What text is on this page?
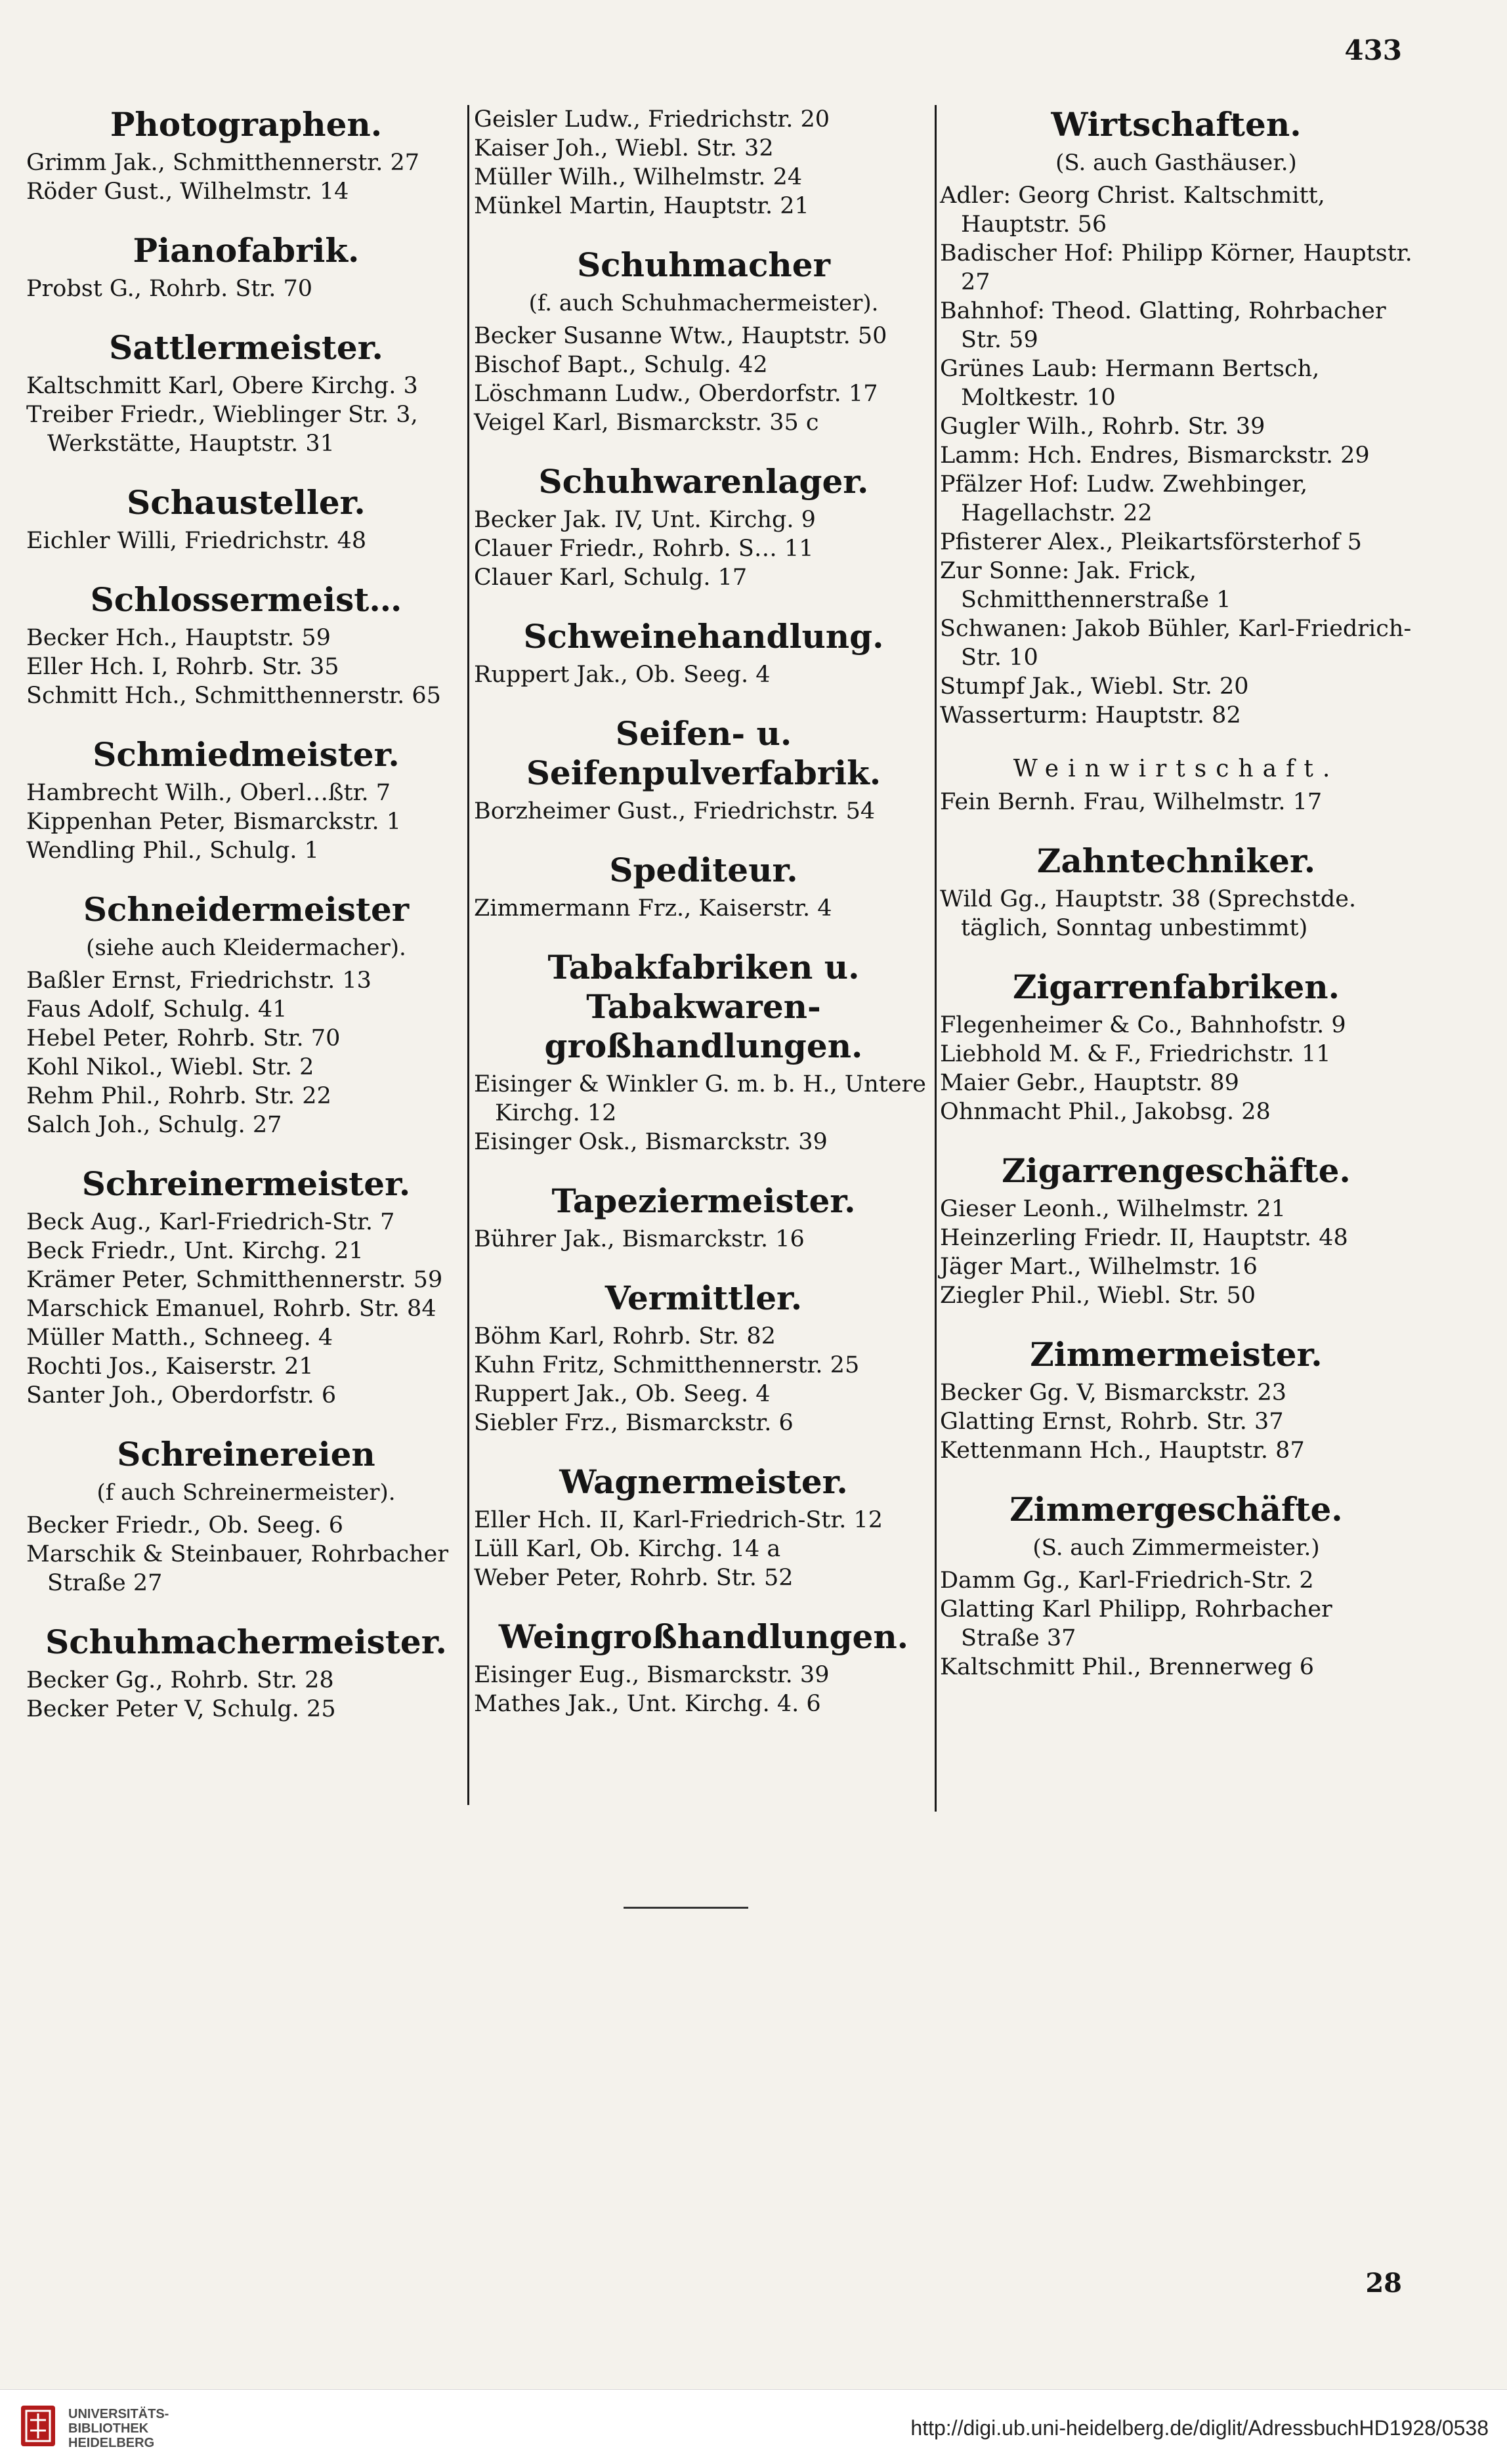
433
Photographen.
Grimm Jak., Schmitthennerstr. 27
Röder Gust., Wilhelmstr. 14
Pianofabrik.
Probst G., Rohrb. Str. 70
Sattlermeister.
Kaltschmitt Karl, Obere Kirchg. 3
Treiber Friedr., Wieblinger Str. 3, Werkstätte, Hauptstr. 31
Schausteller.
Eichler Willi, Friedrichstr. 48
Schlossermeist…
Becker Hch., Hauptstr. 59
Eller Hch. I, Rohrb. Str. 35
Schmitt Hch., Schmitthennerstr. 65
Schmiedmeister.
Hambrecht Wilh., Oberl…ßtr. 7
Kippenhan Peter, Bismarckstr. 1
Wendling Phil., Schulg. 1
Schneidermeister
(siehe auch Kleidermacher).
Baßler Ernst, Friedrichstr. 13
Faus Adolf, Schulg. 41
Hebel Peter, Rohrb. Str. 70
Kohl Nikol., Wiebl. Str. 2
Rehm Phil., Rohrb. Str. 22
Salch Joh., Schulg. 27
Schreinermeister.
Beck Aug., Karl-Friedrich-Str. 7
Beck Friedr., Unt. Kirchg. 21
Krämer Peter, Schmitthennerstr. 59
Marschick Emanuel, Rohrb. Str. 84
Müller Matth., Schneeg. 4
Rochti Jos., Kaiserstr. 21
Santer Joh., Oberdorfstr. 6
Schreinereien
(f auch Schreinermeister).
Becker Friedr., Ob. Seeg. 6
Marschik & Steinbauer, Rohrbacher Straße 27
Schuhmachermeister.
Becker Gg., Rohrb. Str. 28
Becker Peter V, Schulg. 25
Geisler Ludw., Friedrichstr. 20
Kaiser Joh., Wiebl. Str. 32
Müller Wilh., Wilhelmstr. 24
Münkel Martin, Hauptstr. 21
Schuhmacher
(f. auch Schuhmachermeister).
Becker Susanne Wtw., Hauptstr. 50
Bischof Bapt., Schulg. 42
Löschmann Ludw., Oberdorfstr. 17
Veigel Karl, Bismarckstr. 35 c
Schuhwarenlager.
Becker Jak. IV, Unt. Kirchg. 9
Clauer Friedr., Rohrb. S… 11
Clauer Karl, Schulg. 17
Schweinehandlung.
Ruppert Jak., Ob. Seeg. 4
Seifen- u. Seifenpulverfabrik.
Borzheimer Gust., Friedrichstr. 54
Spediteur.
Zimmermann Frz., Kaiserstr. 4
Tabakfabriken u. Tabakwaren-großhandlungen.
Eisinger & Winkler G. m. b. H., Untere Kirchg. 12
Eisinger Osk., Bismarckstr. 39
Tapeziermeister.
Bührer Jak., Bismarckstr. 16
Vermittler.
Böhm Karl, Rohrb. Str. 82
Kuhn Fritz, Schmitthennerstr. 25
Ruppert Jak., Ob. Seeg. 4
Siebler Frz., Bismarckstr. 6
Wagnermeister.
Eller Hch. II, Karl-Friedrich-Str. 12
Lüll Karl, Ob. Kirchg. 14 a
Weber Peter, Rohrb. Str. 52
Weingroßhandlungen.
Eisinger Eug., Bismarckstr. 39
Mathes Jak., Unt. Kirchg. 4. 6
Wirtschaften.
(S. auch Gasthäuser.)
Adler: Georg Christ. Kaltschmitt, Hauptstr. 56
Badischer Hof: Philipp Körner, Hauptstr. 27
Bahnhof: Theod. Glatting, Rohrbacher Str. 59
Grünes Laub: Hermann Bertsch, Moltkestr. 10
Gugler Wilh., Rohrb. Str. 39
Lamm: Hch. Endres, Bismarckstr. 29
Pfälzer Hof: Ludw. Zwehbinger, Hagellachstr. 22
Pfisterer Alex., Pleikartsförsterhof 5
Zur Sonne: Jak. Frick, Schmitthennerstraße 1
Schwanen: Jakob Bühler, Karl-Friedrich-Str. 10
Stumpf Jak., Wiebl. Str. 20
Wasserturm: Hauptstr. 82
Weinwirtschaft.
Fein Bernh. Frau, Wilhelmstr. 17
Zahntechniker.
Wild Gg., Hauptstr. 38 (Sprechstde. täglich, Sonntag unbestimmt)
Zigarrenfabriken.
Flegenheimer & Co., Bahnhofstr. 9
Liebhold M. & F., Friedrichstr. 11
Maier Gebr., Hauptstr. 89
Ohnmacht Phil., Jakobsg. 28
Zigarrengeschäfte.
Gieser Leonh., Wilhelmstr. 21
Heinzerling Friedr. II, Hauptstr. 48
Jäger Mart., Wilhelmstr. 16
Ziegler Phil., Wiebl. Str. 50
Zimmermeister.
Becker Gg. V, Bismarckstr. 23
Glatting Ernst, Rohrb. Str. 37
Kettenmann Hch., Hauptstr. 87
Zimmergeschäfte.
(S. auch Zimmermeister.)
Damm Gg., Karl-Friedrich-Str. 2
Glatting Karl Philipp, Rohrbacher Straße 37
Kaltschmitt Phil., Brennerweg 6
28
UNIVERSITÄTS-
BIBLIOTHEK
HEIDELBERG
http://digi.ub.uni-heidelberg.de/diglit/AdressbuchHD1928/0538
